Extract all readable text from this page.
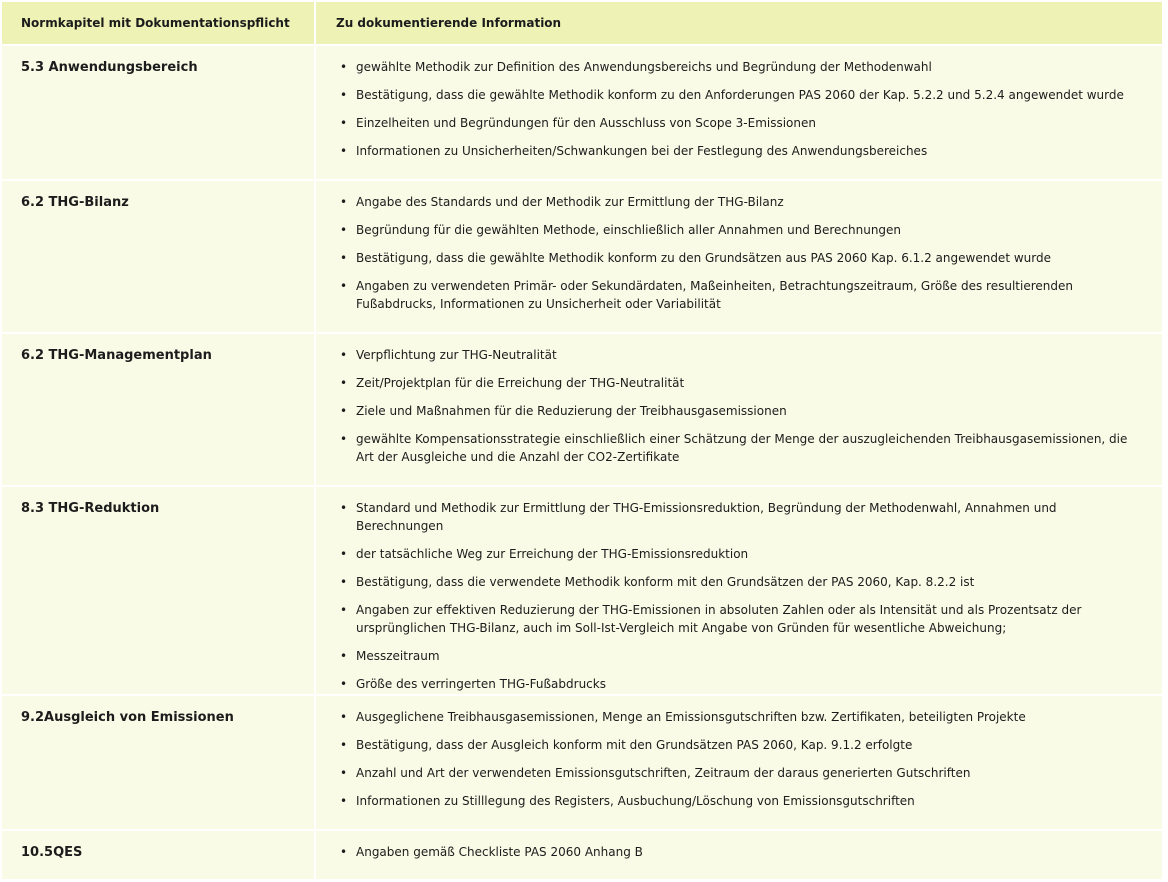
Normkapitel mit Dokumentationspflicht	Zu dokumentierende Information
5.3 Anwendungsbereich	• gewählte Methodik zur Definition des Anwendungsbereichs und Begründung der Methodenwahl
• Bestätigung, dass die gewählte Methodik konform zu den Anforderungen PAS 2060 der Kap. 5.2.2 und 5.2.4 angewendet wurde
• Einzelheiten und Begründungen für den Ausschluss von Scope 3-Emissionen
• Informationen zu Unsicherheiten/Schwankungen bei der Festlegung des Anwendungsbereiches
6.2 THG-Bilanz	• Angabe des Standards und der Methodik zur Ermittlung der THG-Bilanz
• Begründung für die gewählten Methode, einschließlich aller Annahmen und Berechnungen
• Bestätigung, dass die gewählte Methodik konform zu den Grundsätzen aus PAS 2060 Kap. 6.1.2 angewendet wurde
• Angaben zu verwendeten Primär- oder Sekundärdaten, Maßeinheiten, Betrachtungszeitraum, Größe des resultierenden Fußabdrucks, Informationen zu Unsicherheit oder Variabilität
6.2 THG-Managementplan	• Verpflichtung zur THG-Neutralität
• Zeit/Projektplan für die Erreichung der THG-Neutralität
• Ziele und Maßnahmen für die Reduzierung der Treibhausgasemissionen
• gewählte Kompensationsstrategie einschließlich einer Schätzung der Menge der auszugleichenden Treibhausgasemissionen, die Art der Ausgleiche und die Anzahl der CO2-Zertifikate
8.3 THG-Reduktion	• Standard und Methodik zur Ermittlung der THG-Emissionsreduktion, Begründung der Methodenwahl, Annahmen und Berechnungen
• der tatsächliche Weg zur Erreichung der THG-Emissionsreduktion
• Bestätigung, dass die verwendete Methodik konform mit den Grundsätzen der PAS 2060, Kap. 8.2.2 ist
• Angaben zur effektiven Reduzierung der THG-Emissionen in absoluten Zahlen oder als Intensität und als Prozentsatz der ursprünglichen THG-Bilanz, auch im Soll-Ist-Vergleich mit Angabe von Gründen für wesentliche Abweichung;
• Messzeitraum
• Größe des verringerten THG-Fußabdrucks
9.2Ausgleich von Emissionen	• Ausgeglichene Treibhausgasemissionen, Menge an Emissionsgutschriften bzw. Zertifikaten, beteiligten Projekte
• Bestätigung, dass der Ausgleich konform mit den Grundsätzen PAS 2060, Kap. 9.1.2 erfolgte
• Anzahl und Art der verwendeten Emissionsgutschriften, Zeitraum der daraus generierten Gutschriften
• Informationen zu Stilllegung des Registers, Ausbuchung/Löschung von Emissionsgutschriften
10.5QES	• Angaben gemäß Checkliste PAS 2060 Anhang B
